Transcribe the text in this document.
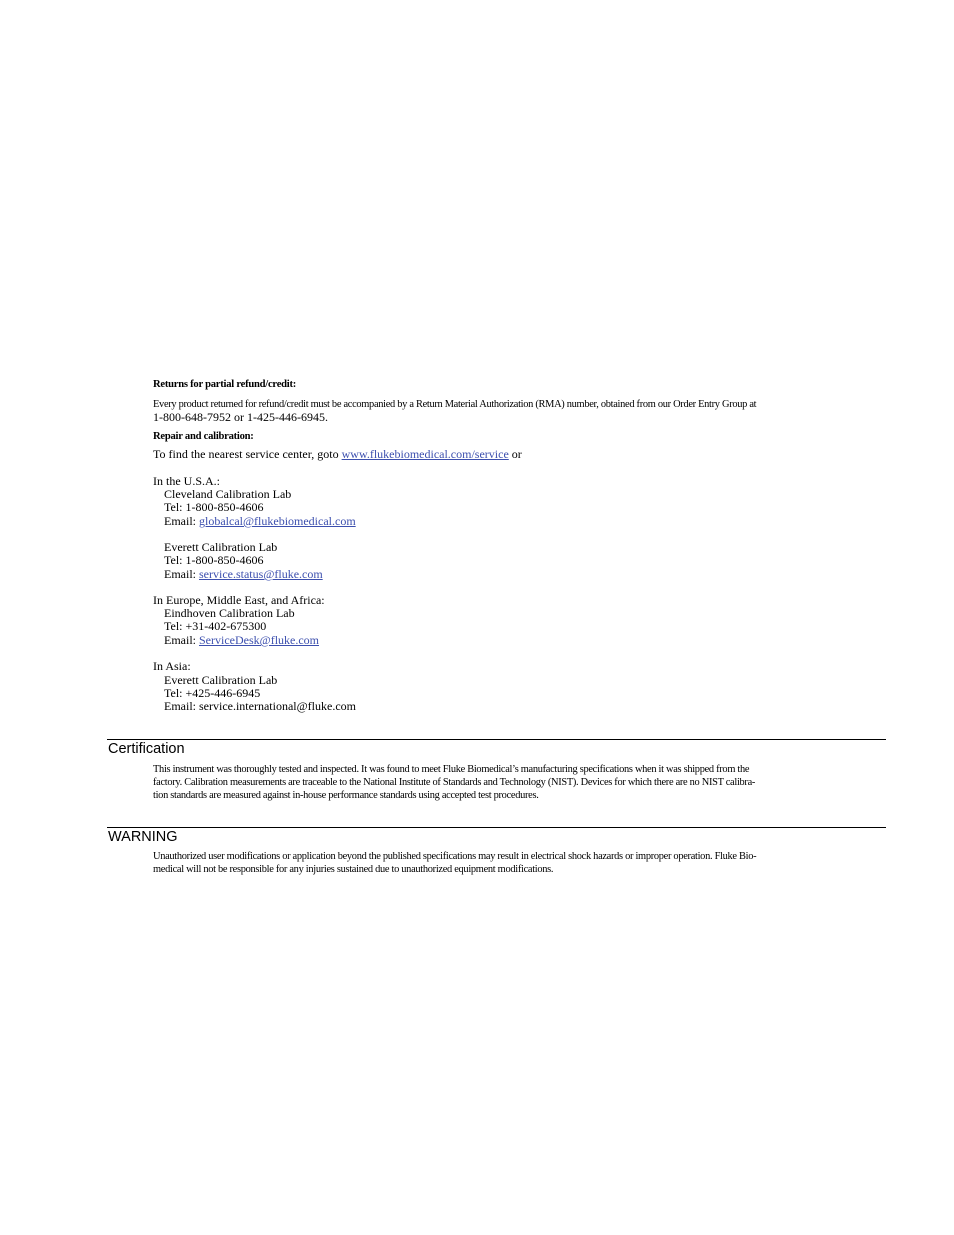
Returns for partial refund/credit:
Every product returned for refund/credit must be accompanied by a Return Material Authorization (RMA) number, obtained from our Order Entry Group at
1-800-648-7952 or 1-425-446-6945.
Repair and calibration:
To find the nearest service center, goto www.flukebiomedical.com/service or
In the U.S.A.:
Cleveland Calibration Lab
Tel: 1-800-850-4606
Email: globalcal@flukebiomedical.com
Everett Calibration Lab
Tel: 1-800-850-4606
Email: service.status@fluke.com
In Europe, Middle East, and Africa:
Eindhoven Calibration Lab
Tel: +31-402-675300
Email: ServiceDesk@fluke.com
In Asia:
Everett Calibration Lab
Tel: +425-446-6945
Email: service.international@fluke.com
Certification
This instrument was thoroughly tested and inspected. It was found to meet Fluke Biomedical’s manufacturing specifications when it was shipped from the
factory. Calibration measurements are traceable to the National Institute of Standards and Technology (NIST). Devices for which there are no NIST calibra-
tion standards are measured against in-house performance standards using accepted test procedures.
WARNING
Unauthorized user modifications or application beyond the published specifications may result in electrical shock hazards or improper operation. Fluke Bio-
medical will not be responsible for any injuries sustained due to unauthorized equipment modifications.
